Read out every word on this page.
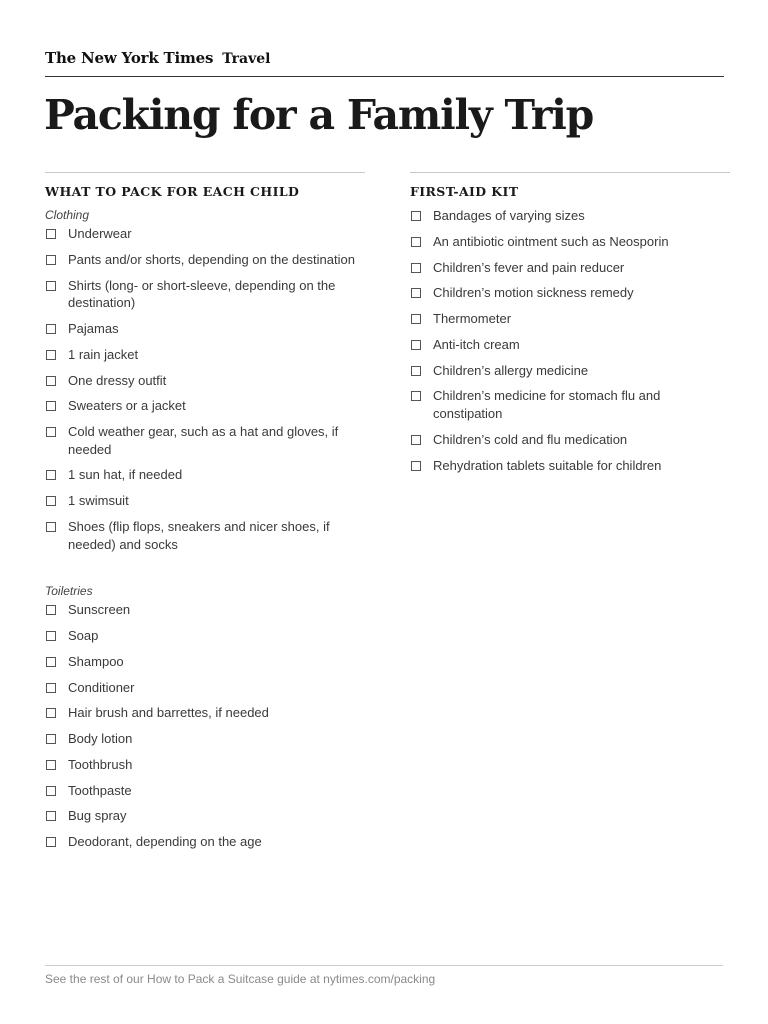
The New York Times Travel
Packing for a Family Trip
WHAT TO PACK FOR EACH CHILD
Clothing
Underwear
Pants and/or shorts, depending on the destination
Shirts (long- or short-sleeve, depending on the destination)
Pajamas
1 rain jacket
One dressy outfit
Sweaters or a jacket
Cold weather gear, such as a hat and gloves, if needed
1 sun hat, if needed
1 swimsuit
Shoes (flip flops, sneakers and nicer shoes, if needed) and socks
Toiletries
Sunscreen
Soap
Shampoo
Conditioner
Hair brush and barrettes, if needed
Body lotion
Toothbrush
Toothpaste
Bug spray
Deodorant, depending on the age
FIRST-AID KIT
Bandages of varying sizes
An antibiotic ointment such as Neosporin
Children’s fever and pain reducer
Children’s motion sickness remedy
Thermometer
Anti-itch cream
Children’s allergy medicine
Children’s medicine for stomach flu and constipation
Children’s cold and flu medication
Rehydration tablets suitable for children
See the rest of our How to Pack a Suitcase guide at nytimes.com/packing
